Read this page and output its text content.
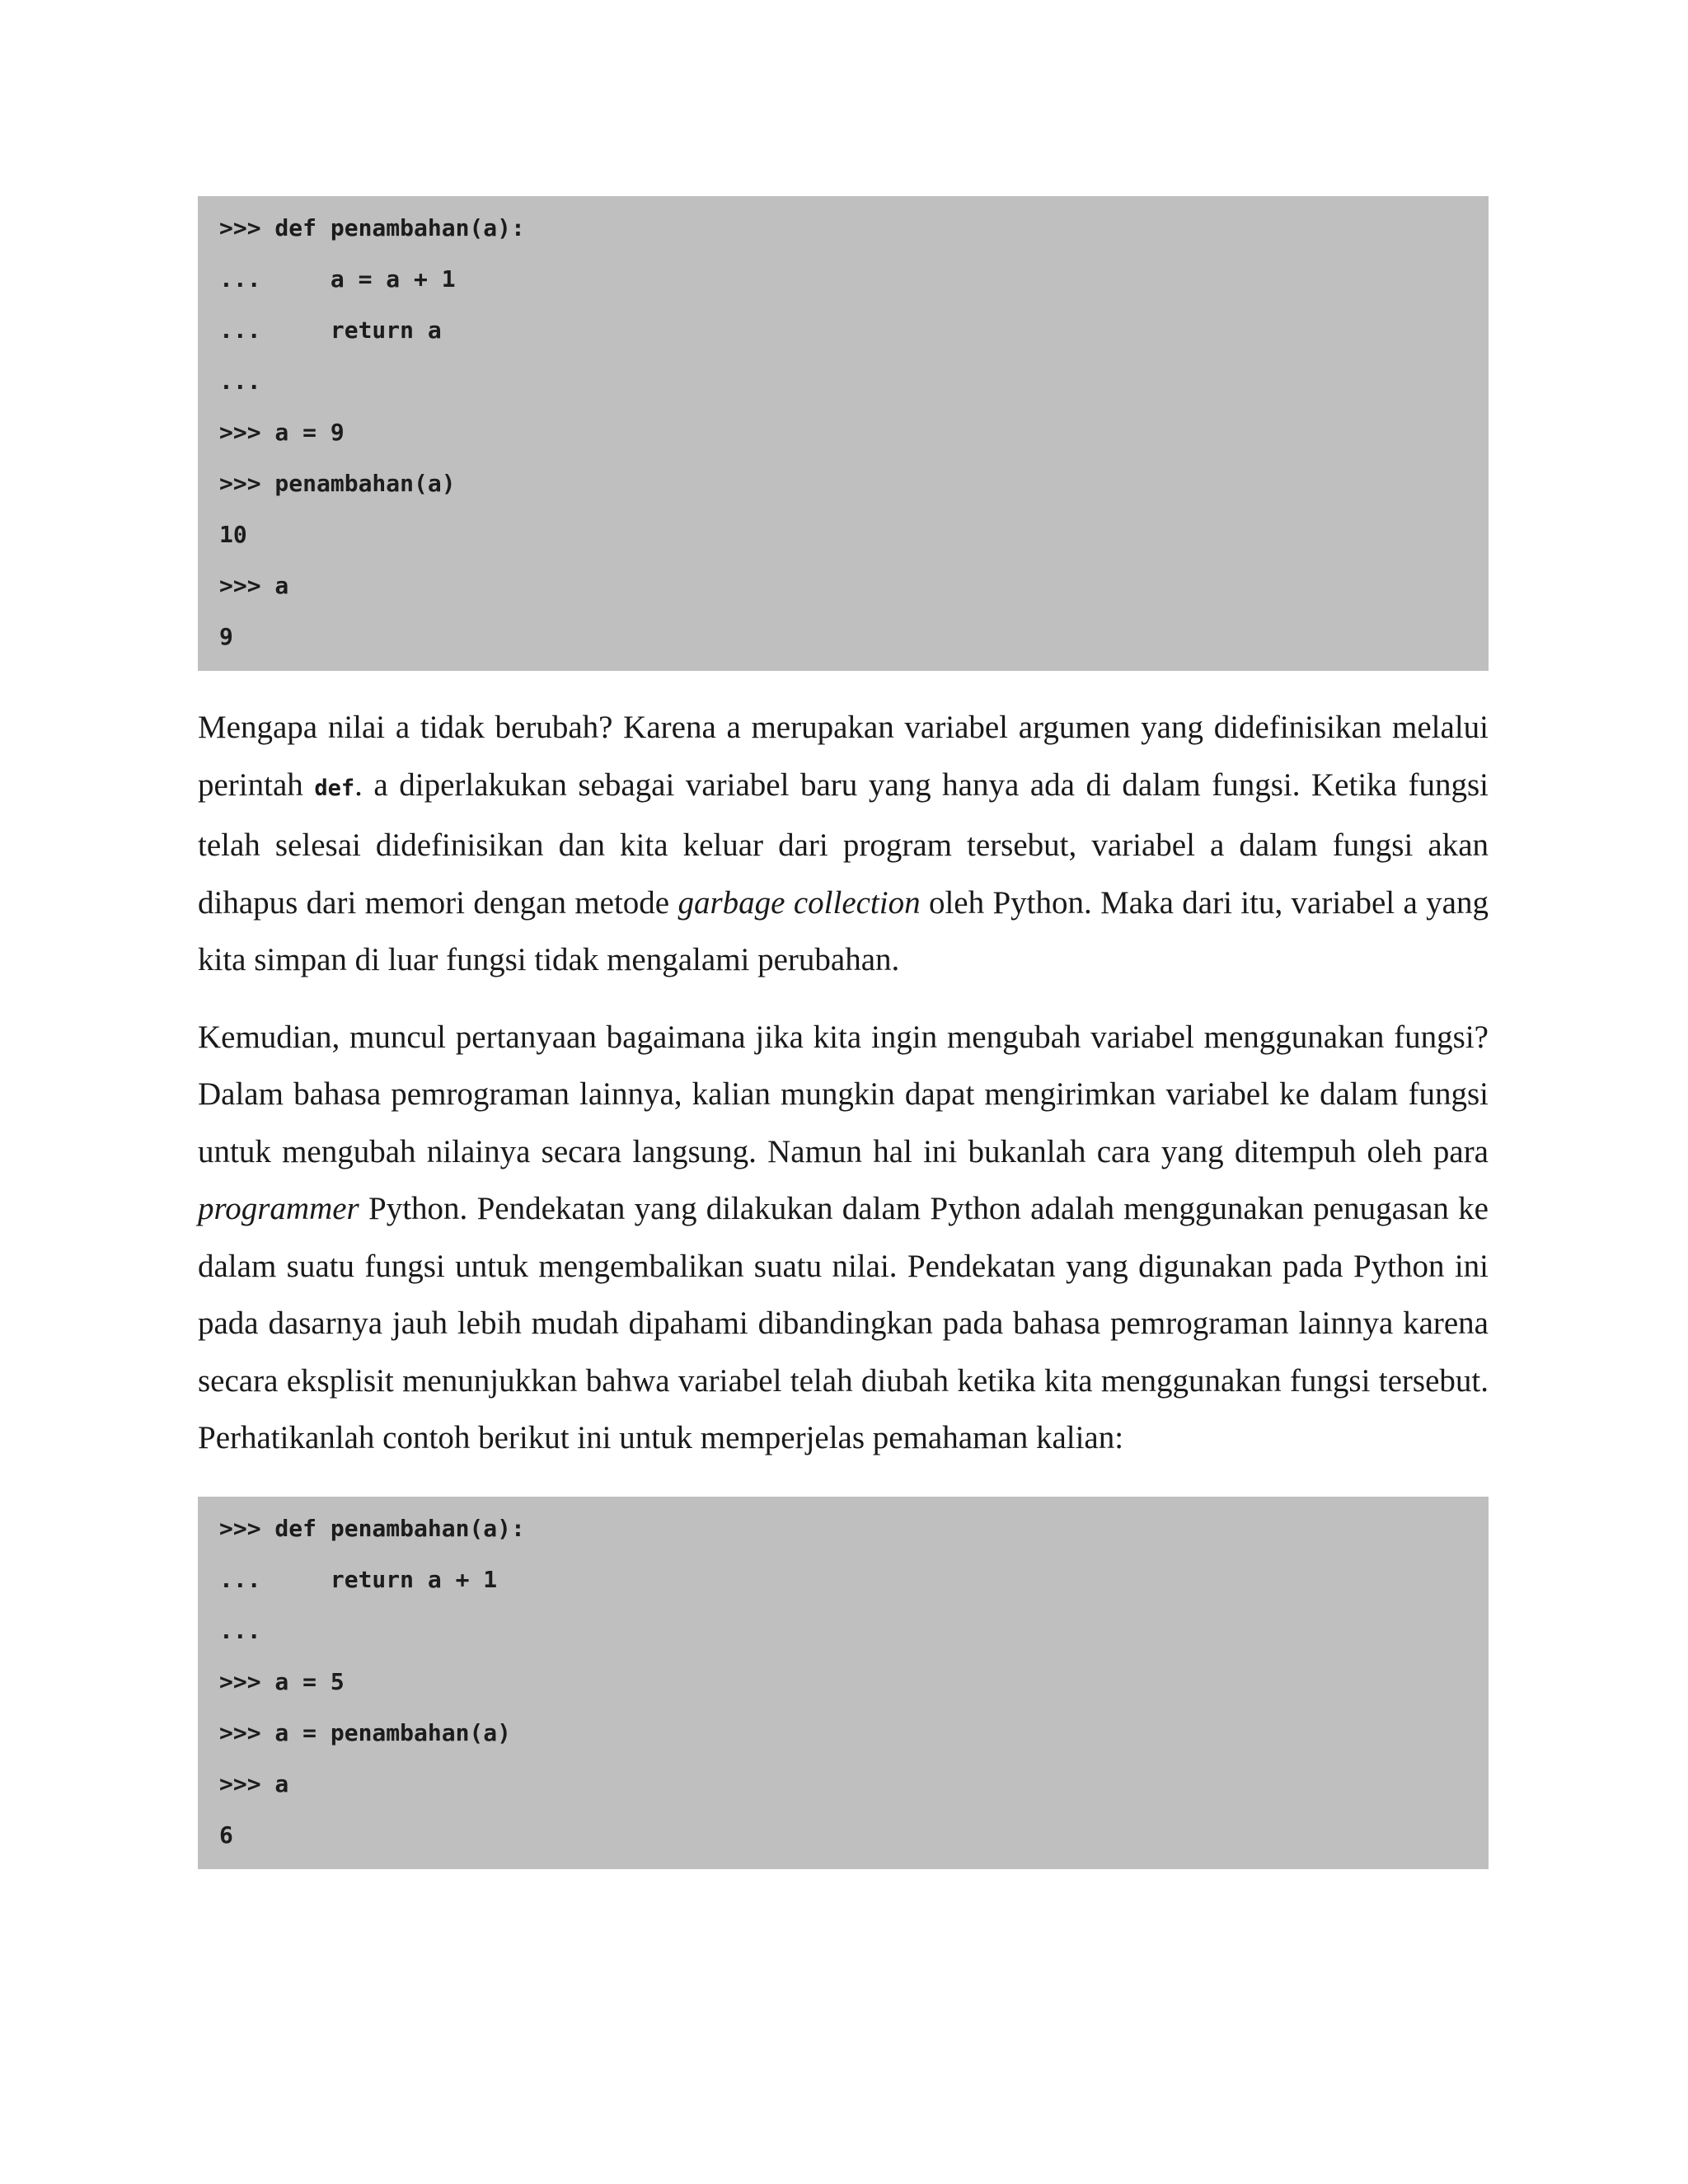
>>> def penambahan(a):
...     a = a + 1
...     return a
...
>>> a = 9
>>> penambahan(a)
10
>>> a
9

Mengapa nilai a tidak berubah? Karena a merupakan variabel argumen yang didefinisikan melalui perintah def. a diperlakukan sebagai variabel baru yang hanya ada di dalam fungsi. Ketika fungsi telah selesai didefinisikan dan kita keluar dari program tersebut, variabel a dalam fungsi akan dihapus dari memori dengan metode garbage collection oleh Python. Maka dari itu, variabel a yang kita simpan di luar fungsi tidak mengalami perubahan.

Kemudian, muncul pertanyaan bagaimana jika kita ingin mengubah variabel menggunakan fungsi? Dalam bahasa pemrograman lainnya, kalian mungkin dapat mengirimkan variabel ke dalam fungsi untuk mengubah nilainya secara langsung. Namun hal ini bukanlah cara yang ditempuh oleh para programmer Python. Pendekatan yang dilakukan dalam Python adalah menggunakan penugasan ke dalam suatu fungsi untuk mengembalikan suatu nilai. Pendekatan yang digunakan pada Python ini pada dasarnya jauh lebih mudah dipahami dibandingkan pada bahasa pemrograman lainnya karena secara eksplisit menunjukkan bahwa variabel telah diubah ketika kita menggunakan fungsi tersebut. Perhatikanlah contoh berikut ini untuk memperjelas pemahaman kalian:

>>> def penambahan(a):
...     return a + 1
...
>>> a = 5
>>> a = penambahan(a)
>>> a
6
